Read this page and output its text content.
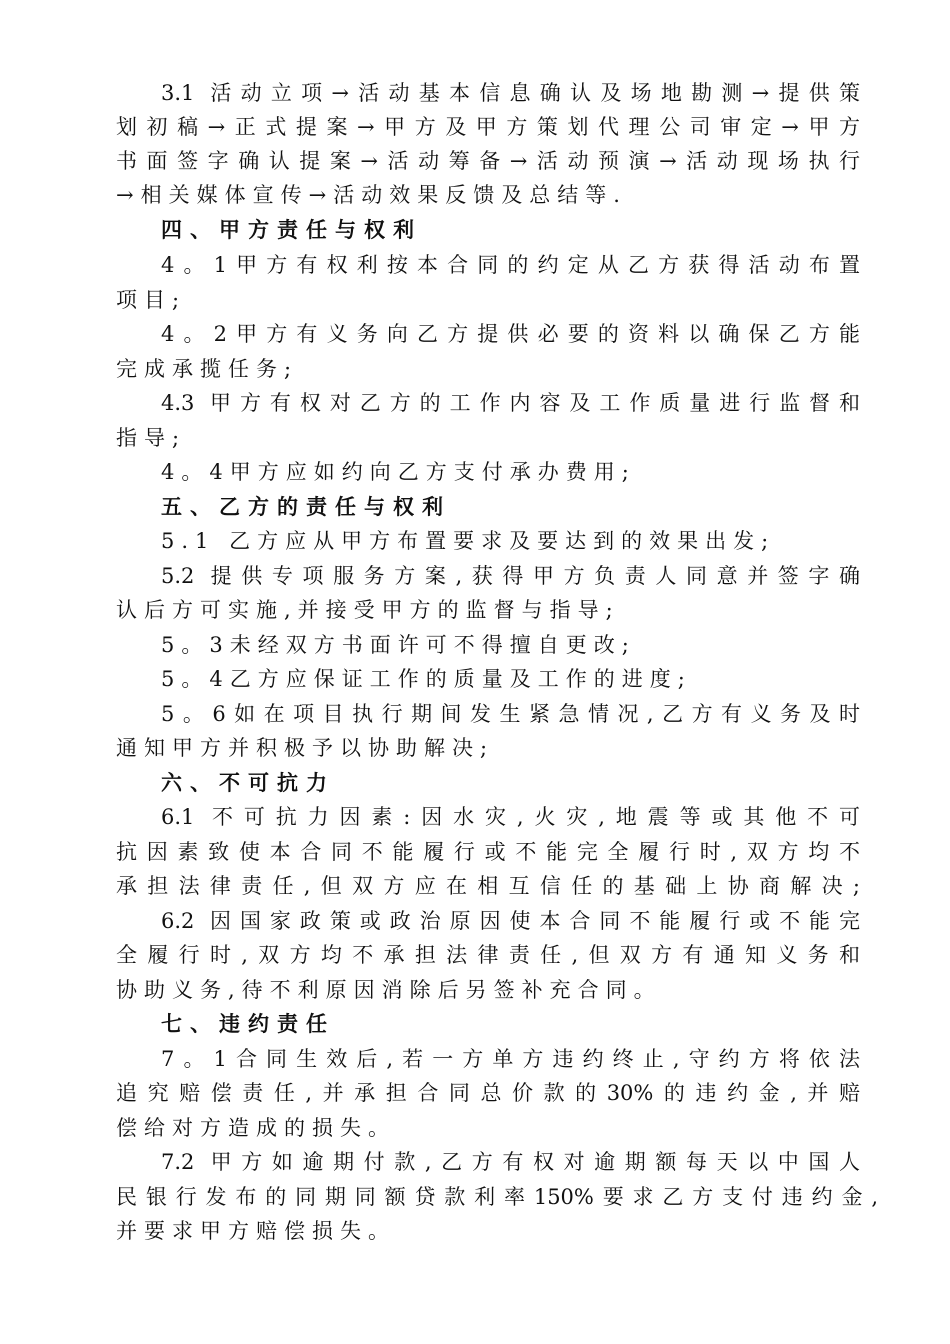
3.1 活动立项→活动基本信息确认及场地勘测→提供策
划初稿→正式提案→甲方及甲方策划代理公司审定→甲方
书面签字确认提案→活动筹备→活动预演→活动现场执行
→相关媒体宣传→活动效果反馈及总结等.
四、甲方责任与权利
4。1甲方有权利按本合同的约定从乙方获得活动布置
项目;
4。2甲方有义务向乙方提供必要的资料以确保乙方能
完成承揽任务;
4.3 甲方有权对乙方的工作内容及工作质量进行监督和
指导;
4。4甲方应如约向乙方支付承办费用;
五、乙方的责任与权利
5.1 乙方应从甲方布置要求及要达到的效果出发;
5.2 提供专项服务方案,获得甲方负责人同意并签字确
认后方可实施,并接受甲方的监督与指导;
5。3未经双方书面许可不得擅自更改;
5。4乙方应保证工作的质量及工作的进度;
5。6如在项目执行期间发生紧急情况,乙方有义务及时
通知甲方并积极予以协助解决;
六、不可抗力
6.1 不可抗力因素:因水灾,火灾,地震等或其他不可
抗因素致使本合同不能履行或不能完全履行时,双方均不
承担法律责任,但双方应在相互信任的基础上协商解决;
6.2 因国家政策或政治原因使本合同不能履行或不能完
全履行时,双方均不承担法律责任,但双方有通知义务和
协助义务,待不利原因消除后另签补充合同。
七、违约责任
7。1合同生效后,若一方单方违约终止,守约方将依法
追究赔偿责任,并承担合同总价款的30%的违约金,并赔
偿给对方造成的损失。
7.2 甲方如逾期付款,乙方有权对逾期额每天以中国人
民银行发布的同期同额贷款利率150%要求乙方支付违约金,
并要求甲方赔偿损失。
